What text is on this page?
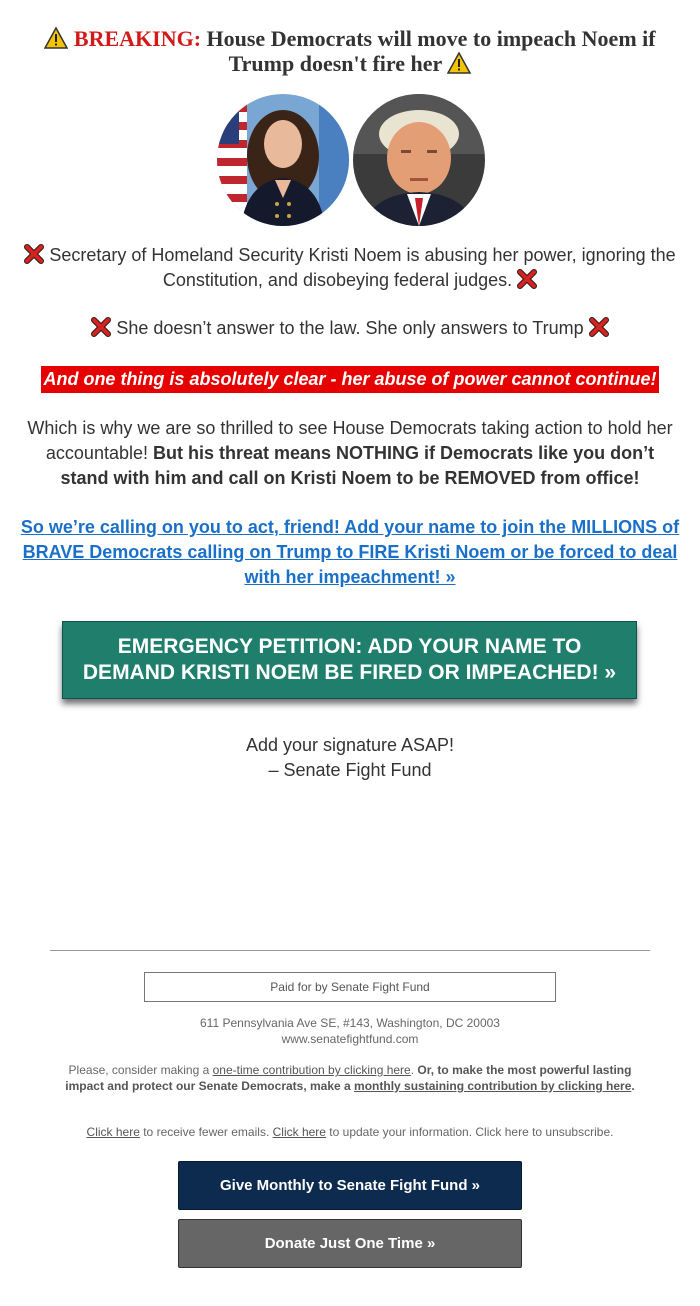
BREAKING: House Democrats will move to impeach Noem if Trump doesn't fire her
Secretary of Homeland Security Kristi Noem is abusing her power, ignoring the Constitution, and disobeying federal judges.
She doesn’t answer to the law. She only answers to Trump
And one thing is absolutely clear - her abuse of power cannot continue!
Which is why we are so thrilled to see House Democrats taking action to hold her accountable! But his threat means NOTHING if Democrats like you don’t stand with him and call on Kristi Noem to be REMOVED from office!
So we’re calling on you to act, friend! Add your name to join the MILLIONS of BRAVE Democrats calling on Trump to FIRE Kristi Noem or be forced to deal with her impeachment! »
EMERGENCY PETITION: ADD YOUR NAME TO DEMAND KRISTI NOEM BE FIRED OR IMPEACHED! »
Add your signature ASAP!
– Senate Fight Fund
Paid for by Senate Fight Fund
611 Pennsylvania Ave SE, #143, Washington, DC 20003
www.senatefightfund.com
Please, consider making a one-time contribution by clicking here. Or, to make the most powerful lasting impact and protect our Senate Democrats, make a monthly sustaining contribution by clicking here.
Click here to receive fewer emails. Click here to update your information. Click here to unsubscribe.
Give Monthly to Senate Fight Fund »
Donate Just One Time »
